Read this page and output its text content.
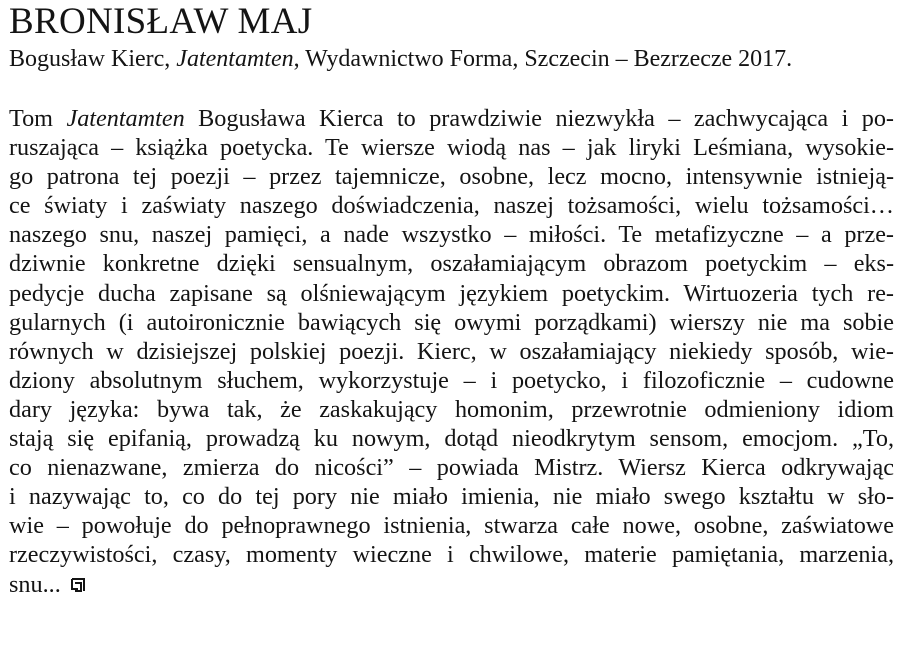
BRONISŁAW MAJ
Bogusław Kierc, Jatentamten, Wydawnictwo Forma, Szczecin – Bezrzecze 2017.
Tom Jatentamten Bogusława Kierca to prawdziwie niezwykła – zachwycająca i po-
ruszająca – książka poetycka. Te wiersze wiodą nas – jak liryki Leśmiana, wysokie-
go patrona tej poezji – przez tajemnicze, osobne, lecz mocno, intensywnie istnieją-
ce światy i zaświaty naszego doświadczenia, naszej tożsamości, wielu tożsamości…
naszego snu, naszej pamięci, a nade wszystko – miłości. Te metafizyczne – a prze-
dziwnie konkretne dzięki sensualnym, oszałamiającym obrazom poetyckim – eks-
pedycje ducha zapisane są olśniewającym językiem poetyckim. Wirtuozeria tych re-
gularnych (i autoironicznie bawiących się owymi porządkami) wierszy nie ma sobie
równych w dzisiejszej polskiej poezji. Kierc, w oszałamiający niekiedy sposób, wie-
dziony absolutnym słuchem, wykorzystuje – i poetycko, i filozoficznie – cudowne
dary języka: bywa tak, że zaskakujący homonim, przewrotnie odmieniony idiom
stają się epifanią, prowadzą ku nowym, dotąd nieodkrytym sensom, emocjom. „To,
co nienazwane, zmierza do nicości” – powiada Mistrz. Wiersz Kierca odkrywając
i nazywając to, co do tej pory nie miało imienia, nie miało swego kształtu w sło-
wie – powołuje do pełnoprawnego istnienia, stwarza całe nowe, osobne, zaświatowe
rzeczywistości, czasy, momenty wieczne i chwilowe, materie pamiętania, marzenia,
snu...
